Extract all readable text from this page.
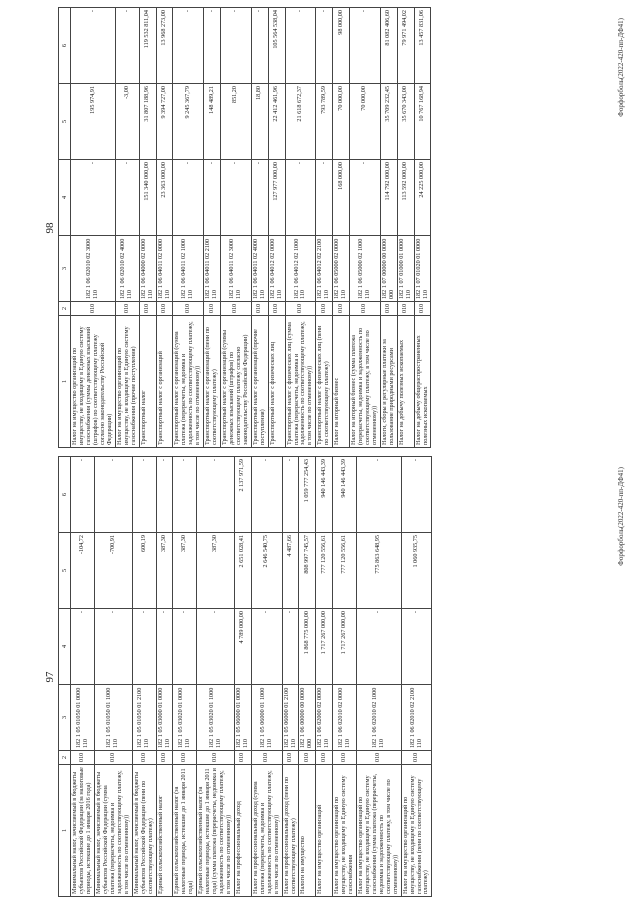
97
1	2	3	4	5	6
Минимальный налог, зачисляемый в бюджеты субъектов Российской Федерации (за налоговые периоды, истекшие до 1 января 2016 года)	010	182 1 05 01050 01 0000 110	-	-104,72	-
Минимальный налог, зачисляемый в бюджеты субъектов Российской Федерации (сумма платежа (перерасчеты, недоимка и задолженность по соответствующему платежу, в том числе по отмененному))	010	182 1 05 01050 01 1000 110	-	-700,91	-
Минимальный налог, зачисляемый в бюджеты субъектов Российской Федерации (пени по соответствующему платежу)	010	182 1 05 01050 01 2100 110	-	600,19	-
Единый сельскохозяйственный налог	010	182 1 05 03000 01 0000 110	-	387,30	-
Единый сельскохозяйственный налог (за налоговые периоды, истекшие до 1 января 2011 года)	010	182 1 05 03020 01 0000 110	-	387,30	-
Единый сельскохозяйственный налог (за налоговые периоды, истекшие до 1 января 2011 года) (сумма платежа (перерасчеты, недоимка и задолженность по соответствующему платежу, в том числе по отмененному))	010	182 1 05 03020 01 1000 110	-	387,30	-
Налог на профессиональный доход	010	182 1 05 06000 01 0000 110	4 789 000,00	2 651 028,41	2 137 971,59
Налог на профессиональный доход (сумма платежа (перерасчеты, недоимка и задолженность по соответствующему платежу, в том числе по отмененному))	010	182 1 05 06000 01 1000 110	-	2 646 540,75	-
Налог на профессиональный доход (пени по соответствующему платежу)	010	182 1 05 06000 01 2100 110	-	4 487,66	-
Налоги на имущество	010	182 1 06 00000 00 0000 000	1 868 775 000,00	808 997 745,57	1 059 777 254,43
Налог на имущество организаций	010	182 1 06 02000 02 0000 110	1 717 267 000,00	777 120 556,61	940 146 443,39
Налог на имущество организаций по имуществу, не входящему в Единую систему газоснабжения	010	182 1 06 02010 02 0000 110	1 717 267 000,00	777 120 556,61	940 146 443,39
Налог на имущество организаций по имуществу, не входящему в Единую систему газоснабжения (сумма платежа (перерасчеты, недоимка и задолженность по соответствующему платежу, в том числе по отмененному))	010	182 1 06 02010 02 1000 110	-	775 863 648,95	-
Налог на имущество организаций по имуществу, не входящему в Единую систему газоснабжения (пени по соответствующему платежу)	010	182 1 06 02010 02 2100 110	-	1 060 935,75	-
Форфорболь(2022-420-пп-ДФ41)
98
1	2	3	4	5	6
Налог на имущество организаций по имуществу, не входящему в Единую систему газоснабжения (суммы денежных взысканий (штрафов) по соответствующему платежу согласно законодательству Российской Федерации)	010	182 1 06 02010 02 3000 110	-	195 974,91	-
Налог на имущество организаций по имуществу, не входящему в Единую систему газоснабжения (прочие поступления)	010	182 1 06 02010 02 4000 110	-	-3,00	-
Транспортный налог	010	182 1 06 04000 02 0000 110	151 340 000,00	31 807 188,96	119 532 811,04
Транспортный налог с организаций	010	182 1 06 04011 02 0000 110	23 363 000,00	9 394 727,00	13 968 273,00
Транспортный налог с организаций (сумма платежа (перерасчеты, недоимка и задолженность по соответствующему платежу, в том числе по отмененному))	010	182 1 06 04011 02 1000 110	-	9 245 367,79	-
Транспортный налог с организаций (пени по соответствующему платежу)	010	182 1 06 04011 02 2100 110	-	148 489,21	-
Транспортный налог с организаций (суммы денежных взысканий (штрафов) по соответствующему платежу согласно законодательству Российской Федерации)	010	182 1 06 04011 02 3000 110	-	851,20	-
Транспортный налог с организаций (прочие поступления)	010	182 1 06 04011 02 4000 110	-	18,80	-
Транспортный налог с физических лиц	010	182 1 06 04012 02 0000 110	127 977 000,00	22 412 461,96	105 564 538,04
Транспортный налог с физических лиц (сумма платежа (перерасчеты, недоимка и задолженность по соответствующему платежу, в том числе по отмененному))	010	182 1 06 04012 02 1000 110	-	21 618 672,37	-
Транспортный налог с физических лиц (пени по соответствующему платежу)	010	182 1 06 04012 02 2100 110	-	793 789,59	-
Налог на игорный бизнес	010	182 1 06 05000 02 0000 110	168 000,00	70 000,00	98 000,00
Налог на игорный бизнес (сумма платежа (перерасчеты, недоимка и задолженность по соответствующему платежу, в том числе по отмененному))	010	182 1 06 05000 02 1000 110	-	70 000,00	-
Налоги, сборы и регулярные платежи за пользование природными ресурсами	010	182 1 07 00000 00 0000 000	114 792 000,00	35 709 232,45	81 082 406,60
Налог на добычу полезных ископаемых	010	182 1 07 01000 01 0000 110	113 592 000,00	35 670 343,00	79 971 494,02
Налог на добычу общераспространенных полезных ископаемых	010	182 1 07 01020 01 0000 110	24 225 000,00	10 767 168,94	13 457 831,06	Форфорболь(2022-420-пп-ДФ41)
